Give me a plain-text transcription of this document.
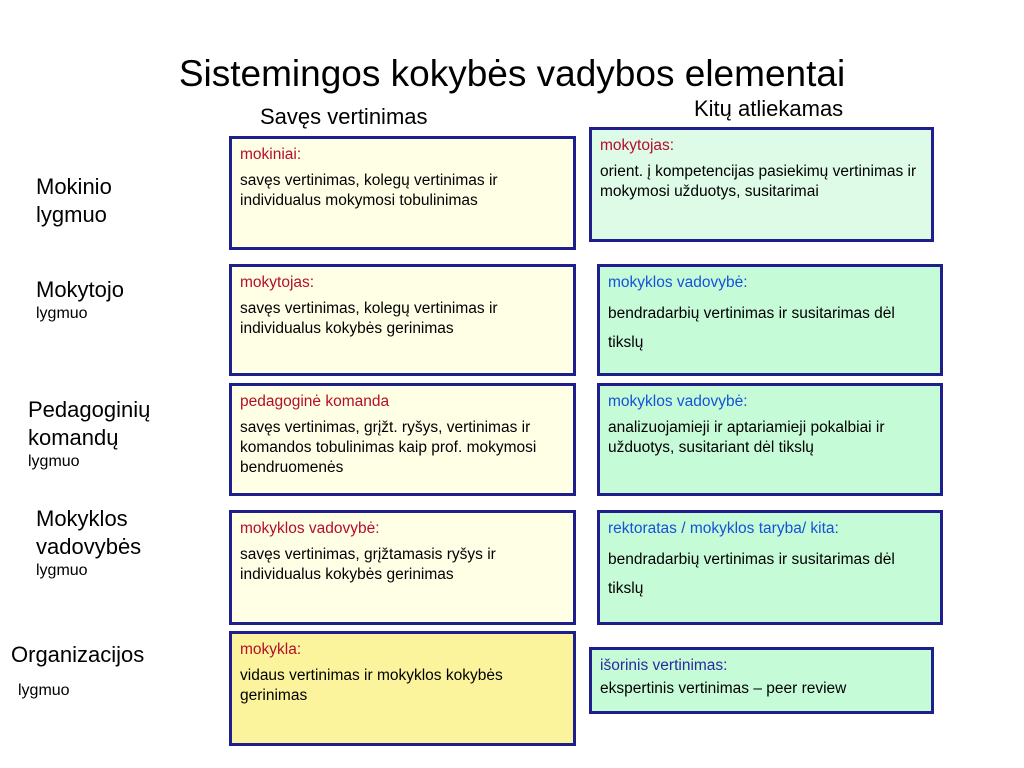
Sistemingos kokybės vadybos elementai
Savęs vertinimas	Kitų atliekamas
Mokinio lygmuo
mokiniai:
savęs vertinimas, kolegų vertinimas ir individualus mokymosi tobulinimas
mokytojas:
orient. į kompetencijas pasiekimų vertinimas ir mokymosi užduotys, susitarimai
Mokytojo
lygmuo
mokytojas:
savęs vertinimas, kolegų vertinimas ir individualus kokybės gerinimas
mokyklos vadovybė:
bendradarbių vertinimas ir susitarimas dėl tikslų
Pedagoginių komandų
lygmuo
pedagoginė komanda
savęs vertinimas, grįžt. ryšys, vertinimas ir komandos tobulinimas kaip prof. mokymosi bendruomenės
mokyklos vadovybė:
analizuojamieji ir aptariamieji pokalbiai ir užduotys, susitariant dėl tikslų
Mokyklos vadovybės
lygmuo
mokyklos vadovybė:
savęs vertinimas, grįžtamasis ryšys ir individualus kokybės gerinimas
rektoratas / mokyklos taryba/ kita:
bendradarbių vertinimas ir susitarimas dėl tikslų
Organizacijos
lygmuo
mokykla:
vidaus vertinimas ir mokyklos kokybės gerinimas
išorinis vertinimas:
ekspertinis vertinimas – peer review
